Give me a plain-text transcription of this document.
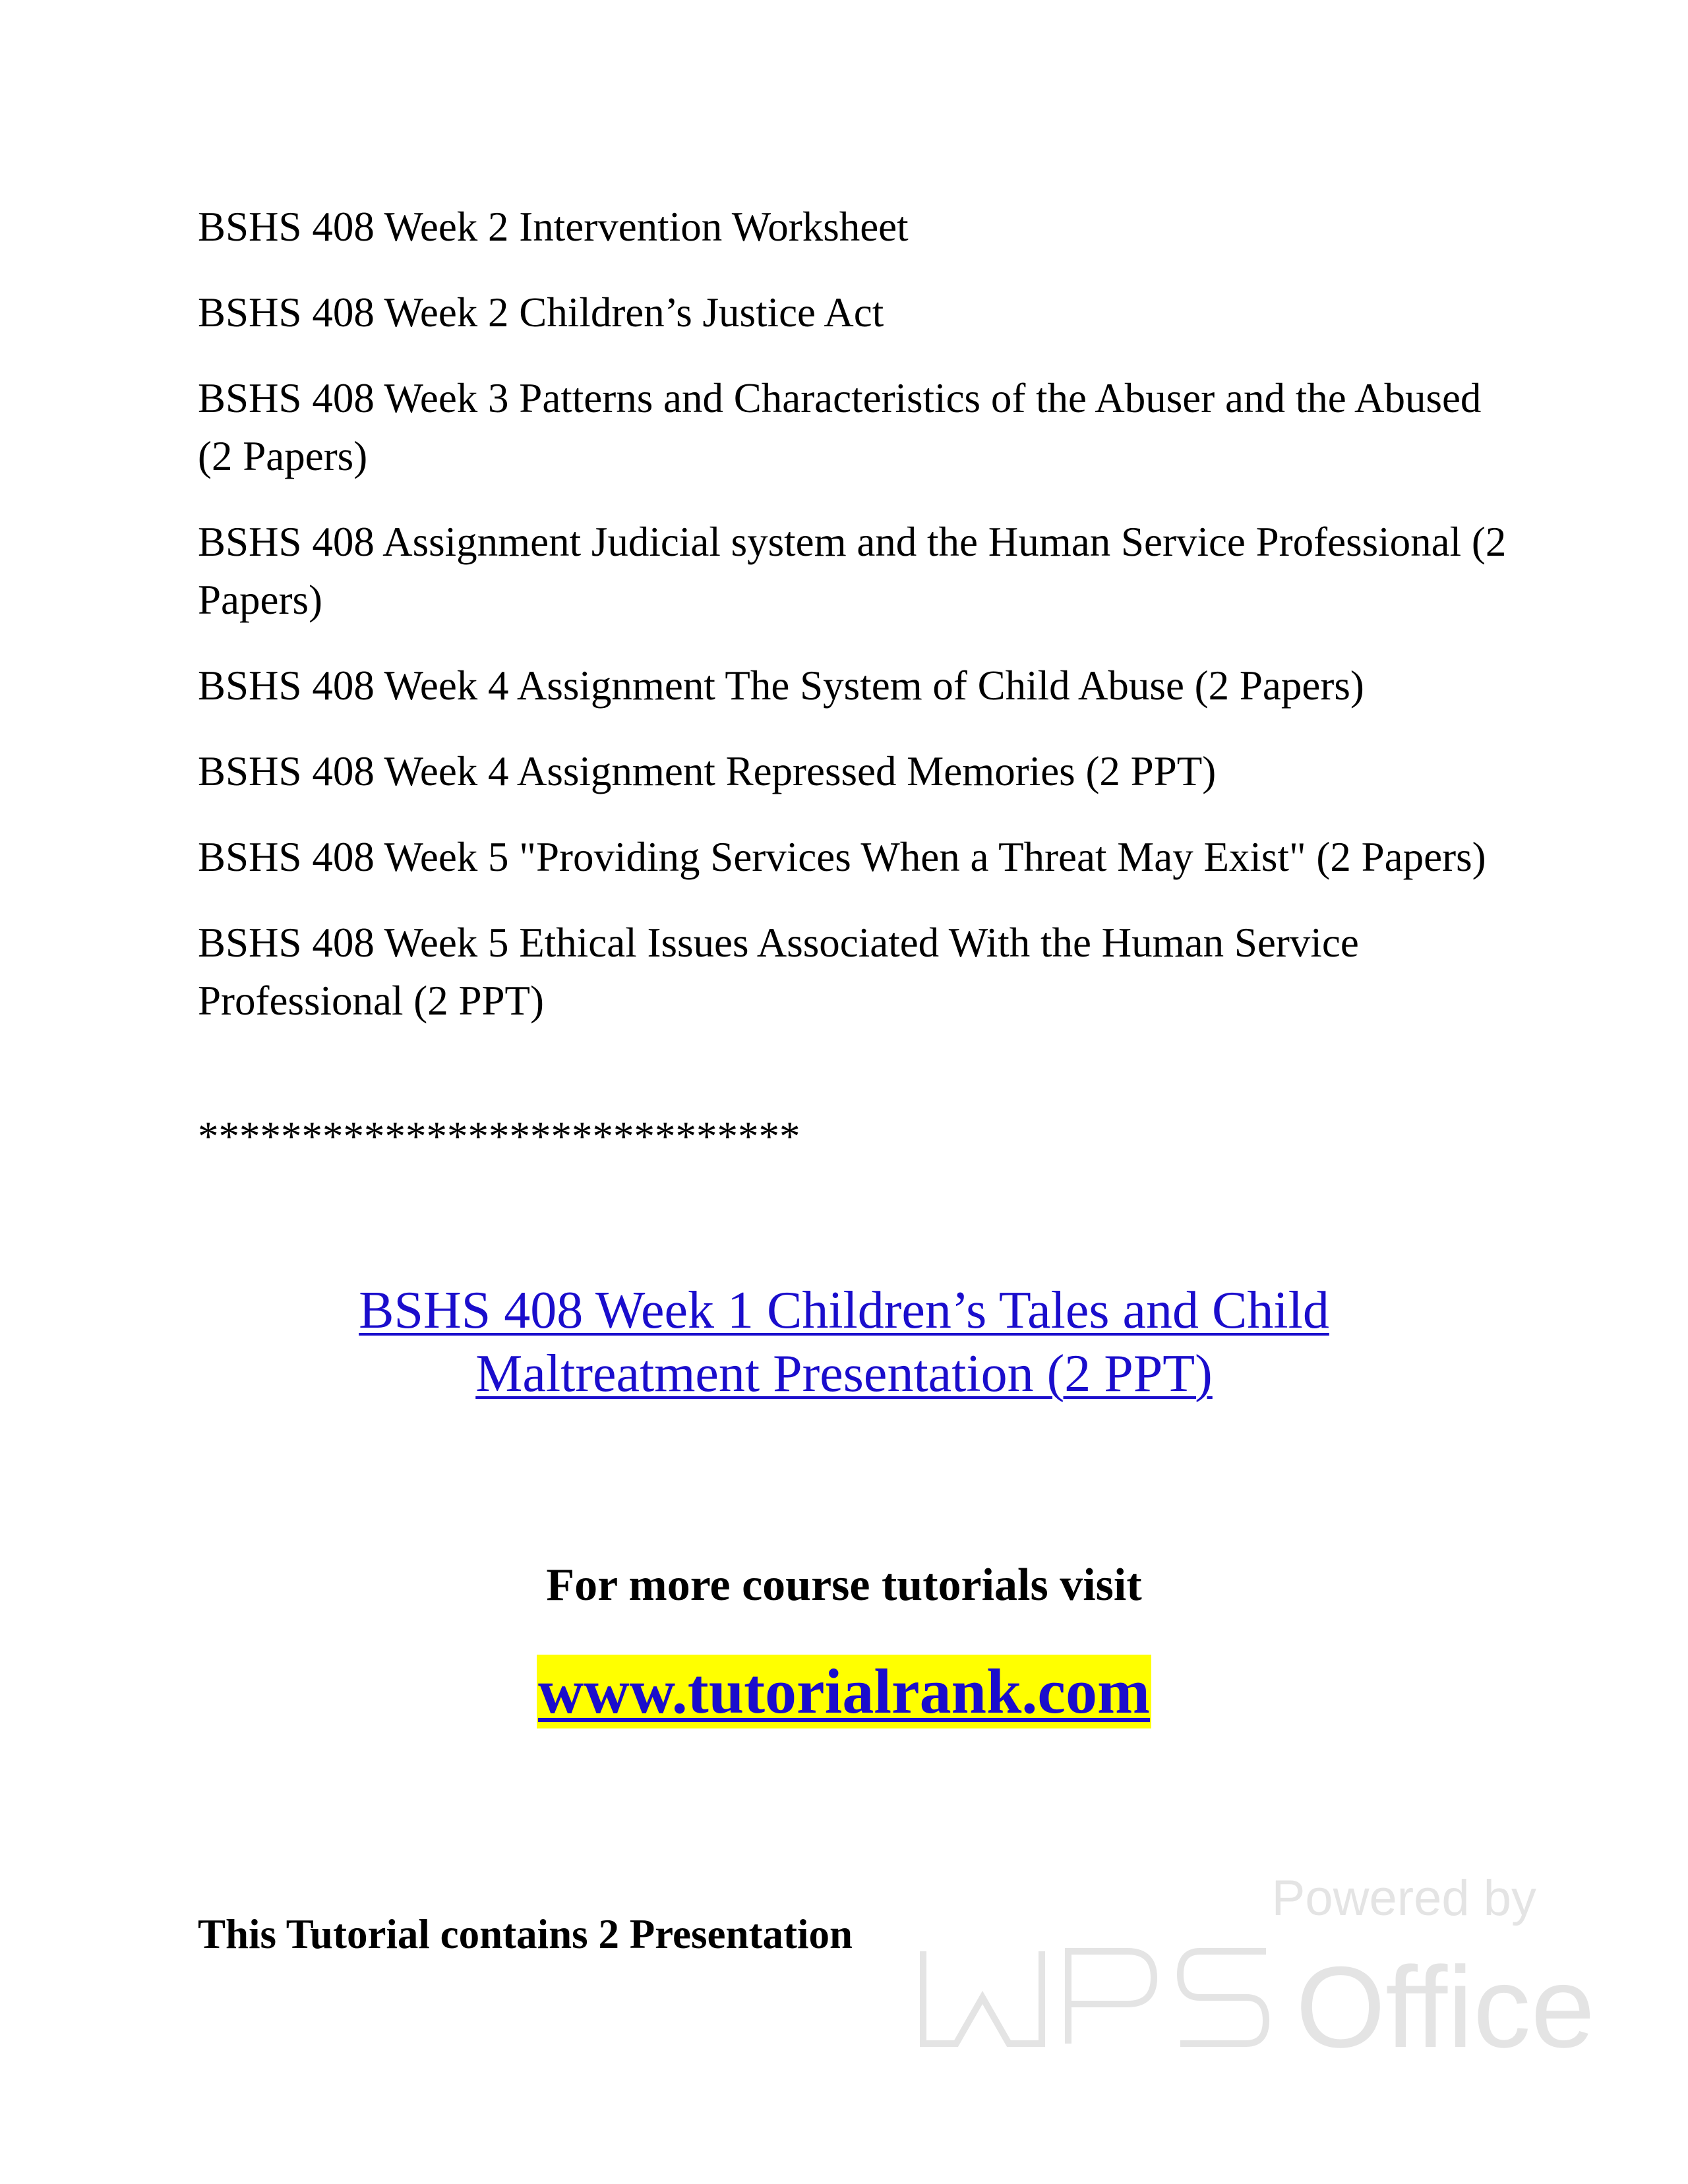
BSHS 408 Week 2 Intervention Worksheet
BSHS 408 Week 2 Children’s Justice Act
BSHS 408 Week 3 Patterns and Characteristics of the Abuser and the Abused (2 Papers)
BSHS 408 Assignment Judicial system and the Human Service Professional (2 Papers)
BSHS 408 Week 4 Assignment The System of Child Abuse (2 Papers)
BSHS 408 Week 4 Assignment Repressed Memories (2 PPT)
BSHS 408 Week 5 "Providing Services When a Threat May Exist" (2 Papers)
BSHS 408 Week 5 Ethical Issues Associated With the Human Service Professional (2 PPT)
*****************************
BSHS 408 Week 1 Children’s Tales and Child
Maltreatment Presentation (2 PPT)
For more course tutorials visit
www.tutorialrank.com
This Tutorial contains 2 Presentation
Powered by
Office
